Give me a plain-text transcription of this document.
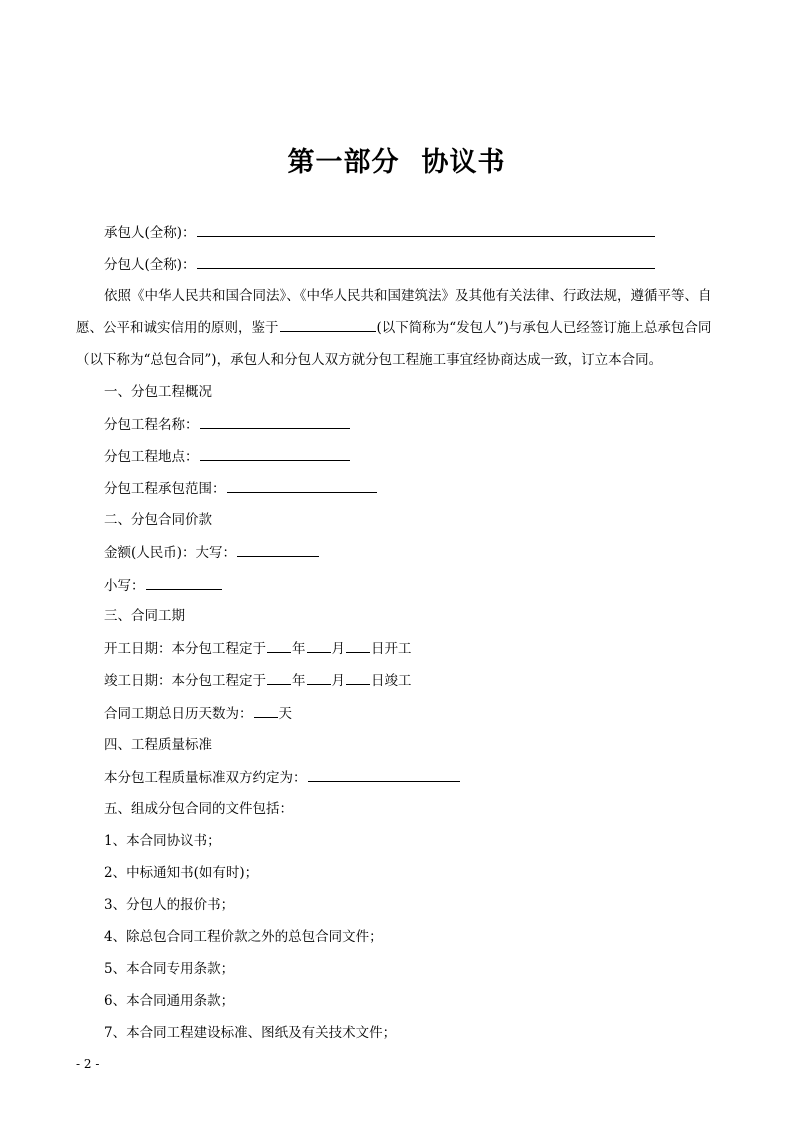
第一部分 协议书
承包人(全称)：
分包人(全称)：
依照《中华人民共和国合同法》、《中华人民共和国建筑法》及其他有关法律、行政法规，遵循平等、自愿、公平和诚实信用的原则，鉴于	(以下简称为“发包人”)与承包人已经签订施上总承包合同（以下称为“总包合同”)，承包人和分包人双方就分包工程施工事宜经协商达成一致，订立本合同。
一、分包工程概况
分包工程名称：
分包工程地点：
分包工程承包范围：
二、分包合同价款
金额(人民币)：大写：
小写：
三、合同工期
开工日期：本分包工程定于 年 月 日开工
竣工日期：本分包工程定于 年 月 日竣工
合同工期总日历天数为： 天
四、工程质量标准
本分包工程质量标准双方约定为：
五、组成分包合同的文件包括：
1、本合同协议书；
2、中标通知书(如有时)；
3、分包人的报价书；
4、除总包合同工程价款之外的总包合同文件；
5、本合同专用条款；
6、本合同通用条款；
7、本合同工程建设标准、图纸及有关技术文件；
- 2 -
